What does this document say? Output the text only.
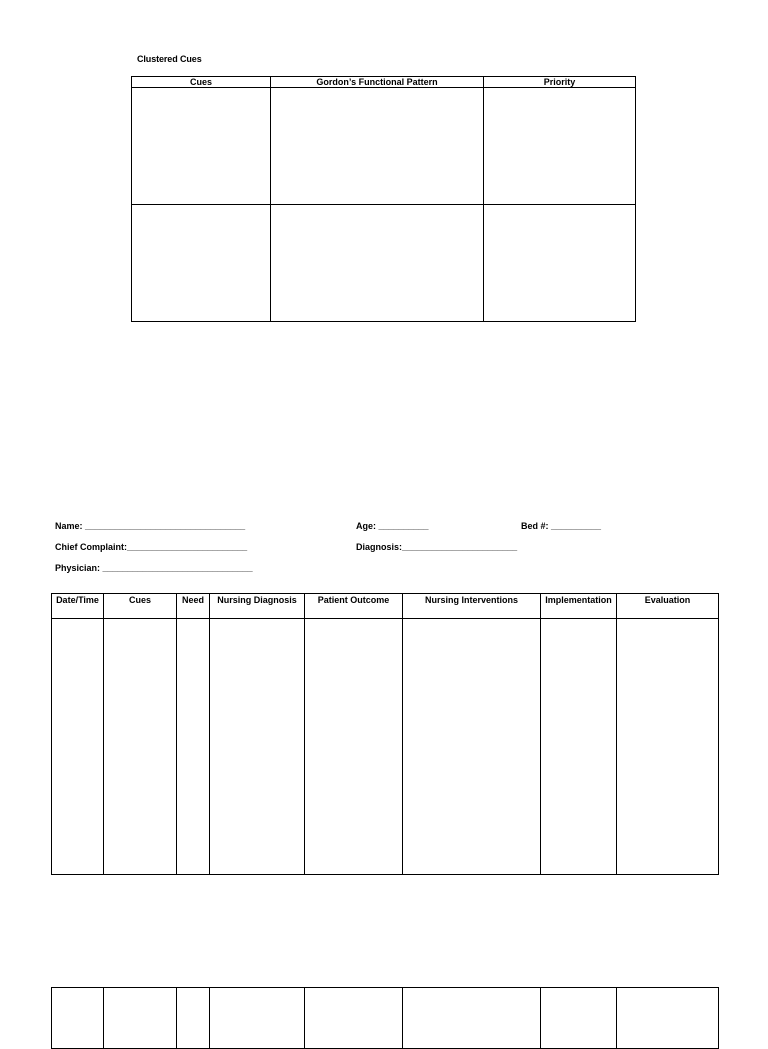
Clustered Cues
Cues	Gordon’s Functional Pattern	Priority

Name: ________________________________	Age: __________	Bed #: __________
Chief Complaint:________________________	Diagnosis:_______________________
Physician: ______________________________
Date/Time	Cues	Need	Nursing Diagnosis	Patient Outcome	Nursing Interventions	Implementation	Evaluation
